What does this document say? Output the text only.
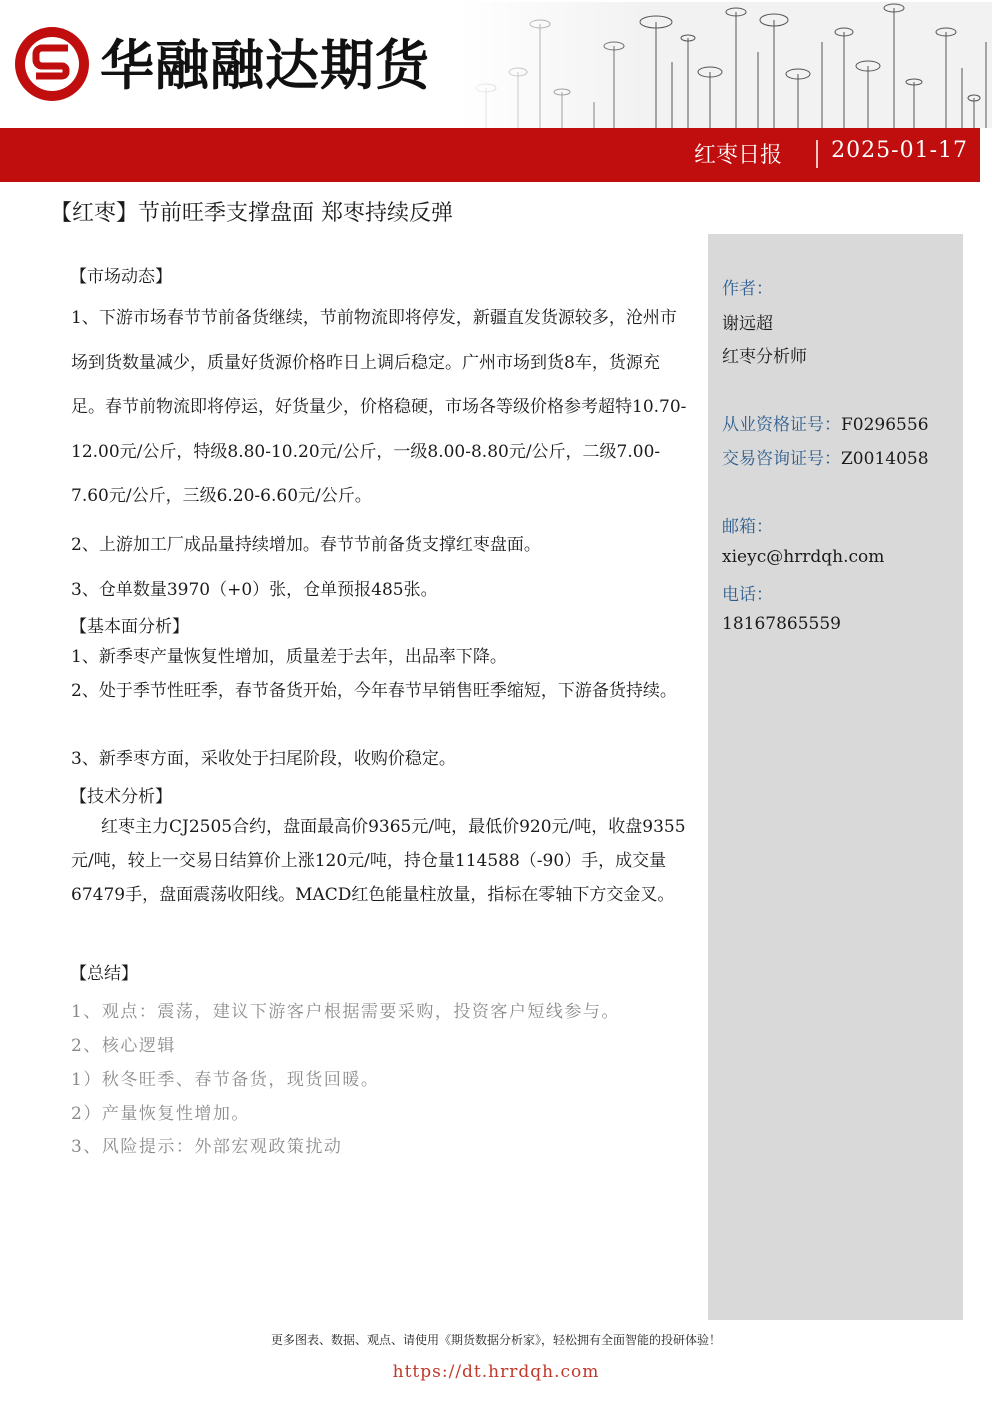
华融融达期货
红枣日报 2025-01-17
【红枣】节前旺季支撑盘面 郑枣持续反弹
作者：
谢远超
红枣分析师
从业资格证号：F0296556
交易咨询证号：Z0014058
邮箱：
xieyc@hrrdqh.com
电话：
18167865559
【市场动态】
1、下游市场春节节前备货继续，节前物流即将停发，新疆直发货源较多，沧州市场到货数量减少，质量好货源价格昨日上调后稳定。广州市场到货8车，货源充足。春节前物流即将停运，好货量少，价格稳硬，市场各等级价格参考超特10.70-12.00元/公斤，特级8.80-10.20元/公斤，一级8.00-8.80元/公斤，二级7.00-7.60元/公斤，三级6.20-6.60元/公斤。
2、上游加工厂成品量持续增加。春节节前备货支撑红枣盘面。
3、仓单数量3970（+0）张，仓单预报485张。
【基本面分析】
1、新季枣产量恢复性增加，质量差于去年，出品率下降。
2、处于季节性旺季，春节备货开始，今年春节早销售旺季缩短，下游备货持续。
3、新季枣方面，采收处于扫尾阶段，收购价稳定。
【技术分析】
红枣主力CJ2505合约，盘面最高价9365元/吨，最低价920元/吨，收盘9355元/吨，较上一交易日结算价上涨120元/吨，持仓量114588（-90）手，成交量67479手，盘面震荡收阳线。MACD红色能量柱放量，指标在零轴下方交金叉。
【总结】
1、观点：震荡，建议下游客户根据需要采购，投资客户短线参与。
2、核心逻辑
1）秋冬旺季、春节备货，现货回暖。
2）产量恢复性增加。
3、风险提示：外部宏观政策扰动
更多图表、数据、观点、请使用《期货数据分析家》，轻松拥有全面智能的投研体验！
https://dt.hrrdqh.com
